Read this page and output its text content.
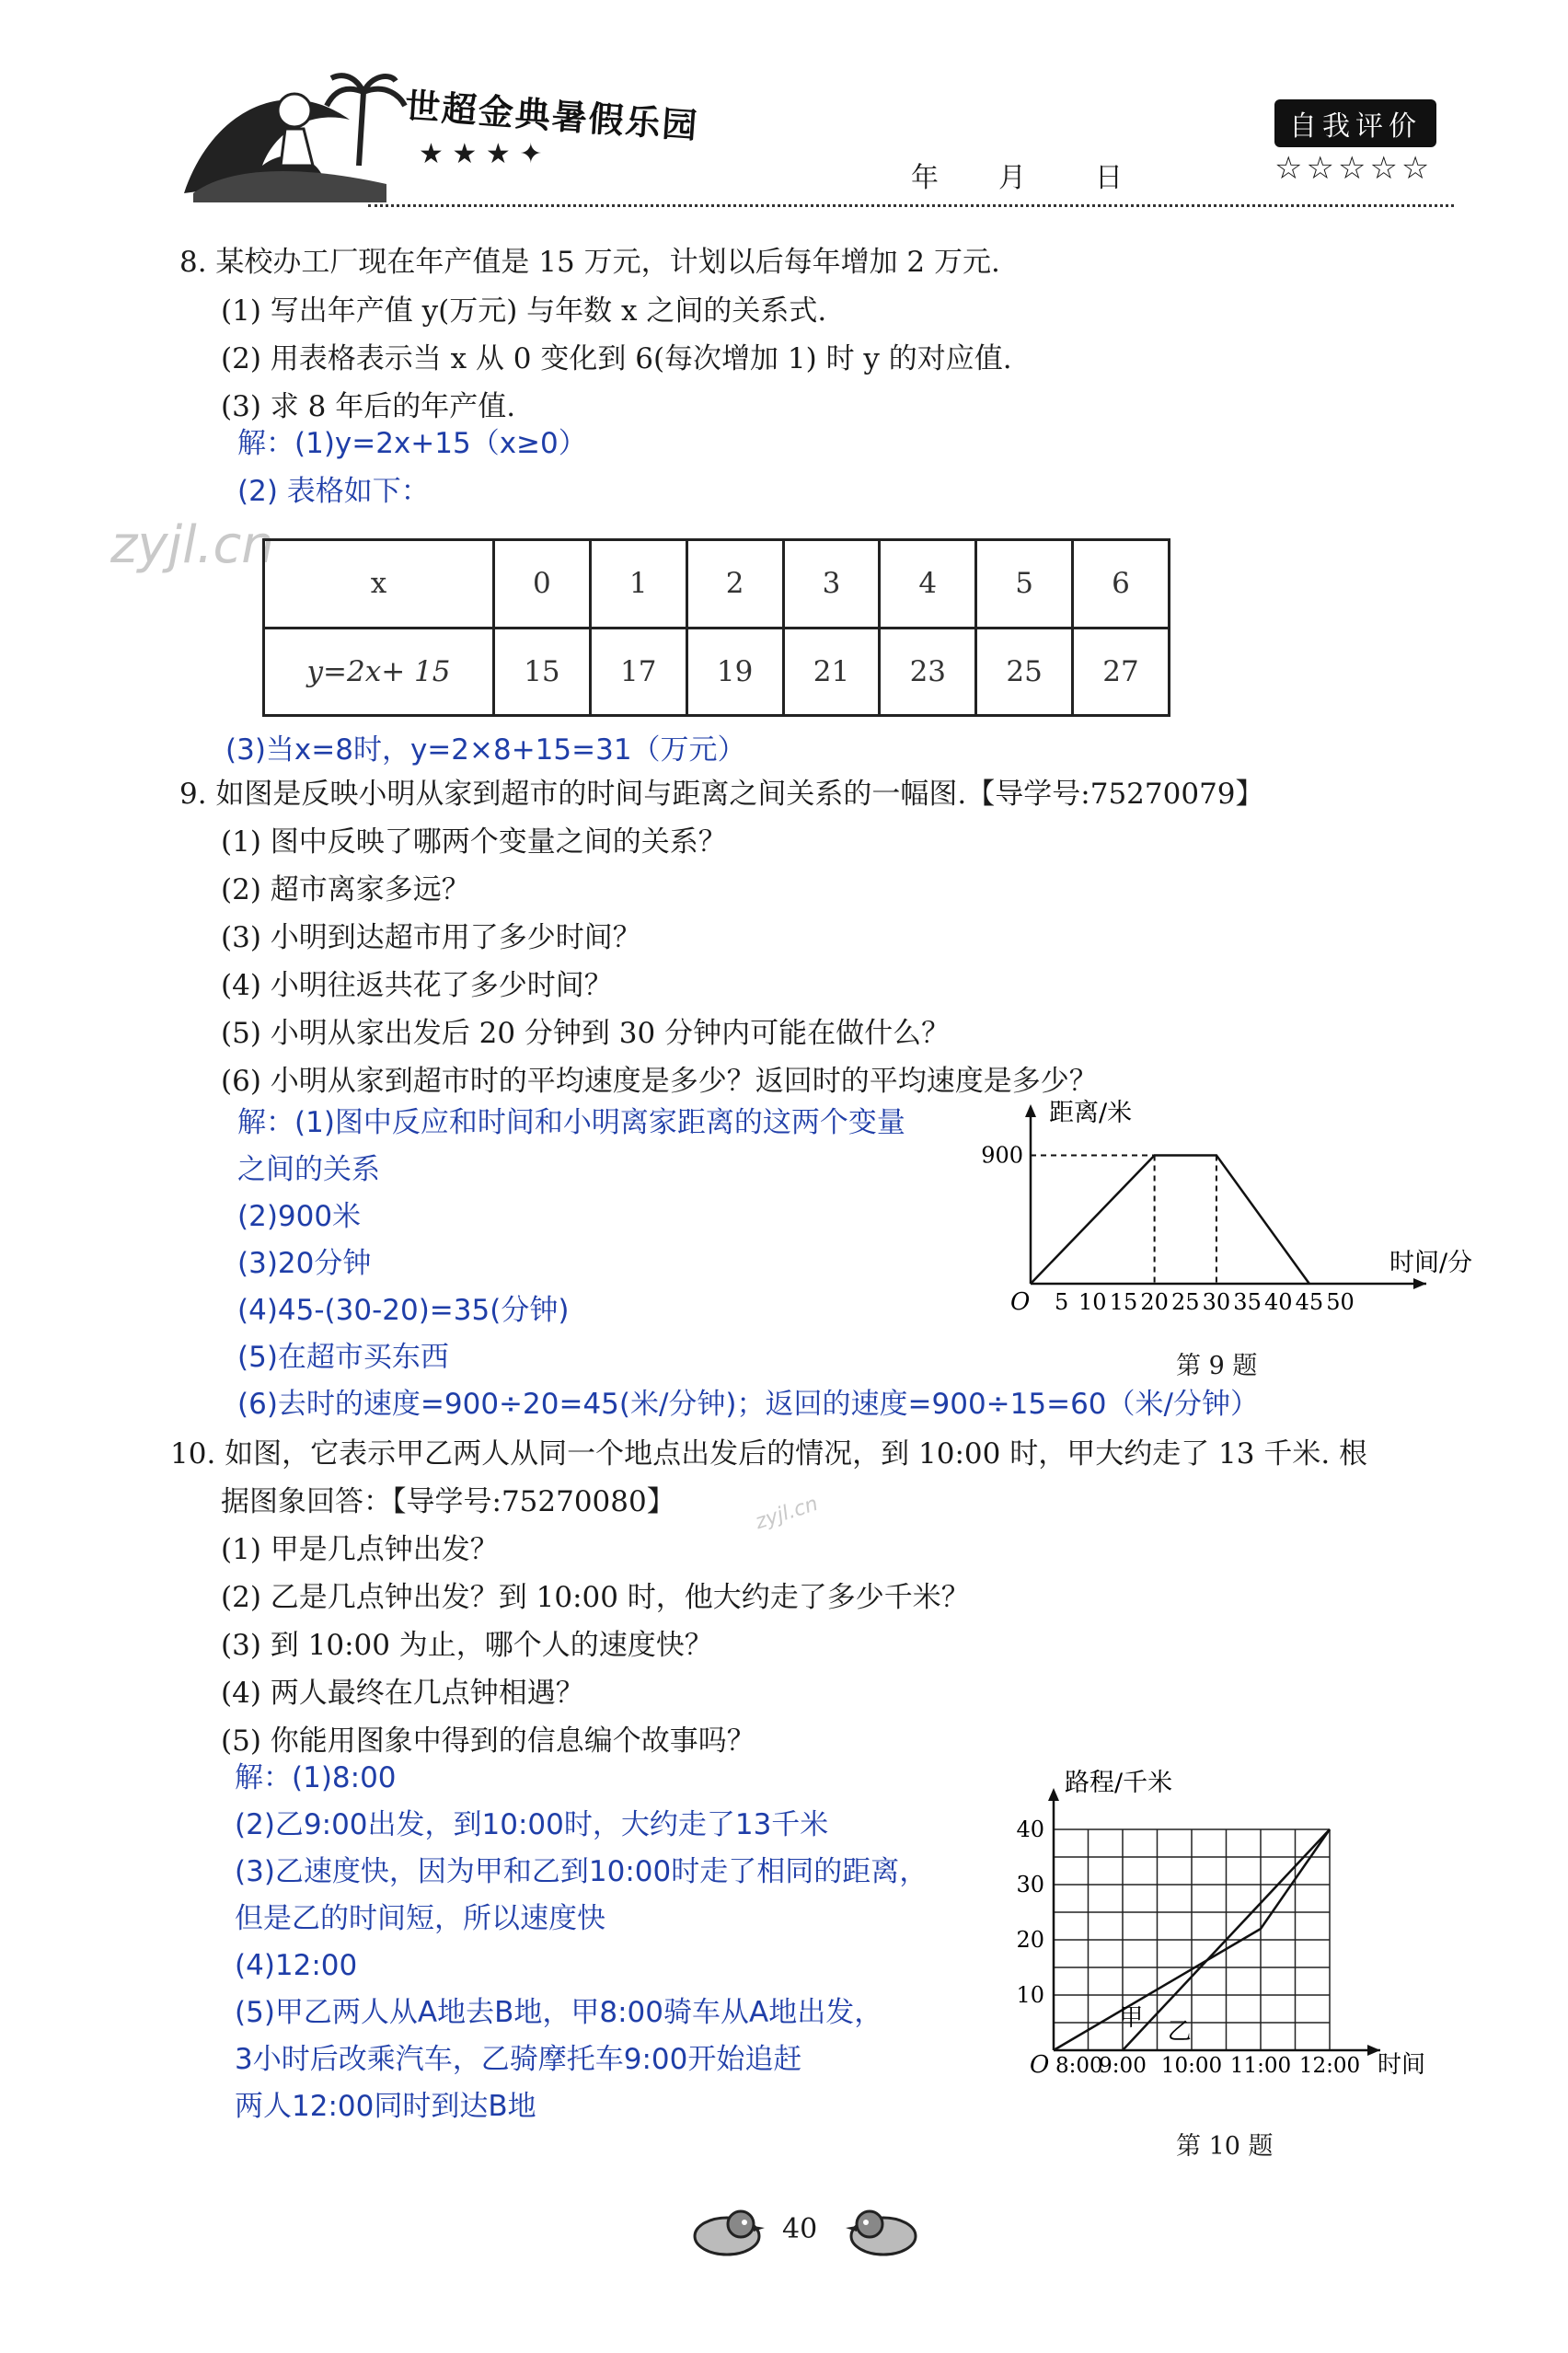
世超金典暑假乐园
★ ★ ★ ✦
年 月 日
自我评价
☆☆☆☆☆
zyjl.cn
zyjl.cn
8. 某校办工厂现在年产值是 15 万元，计划以后每年增加 2 万元.
(1) 写出年产值 y(万元) 与年数 x 之间的关系式.
(2) 用表格表示当 x 从 0 变化到 6(每次增加 1) 时 y 的对应值.
(3) 求 8 年后的年产值.
解：(1)y=2x+15（x≥0）
(2) 表格如下：
x	0	1	2	3	4	5	6
y=2x+ 15	15	17	19	21	23	25	27
(3)当x=8时，y=2×8+15=31（万元）
9. 如图是反映小明从家到超市的时间与距离之间关系的一幅图.【导学号:75270079】
(1) 图中反映了哪两个变量之间的关系？
(2) 超市离家多远？
(3) 小明到达超市用了多少时间？
(4) 小明往返共花了多少时间？
(5) 小明从家出发后 20 分钟到 30 分钟内可能在做什么？
(6) 小明从家到超市时的平均速度是多少？返回时的平均速度是多少？
解：(1)图中反应和时间和小明离家距离的这两个变量
之间的关系
(2)900米
(3)20分钟
(4)45-(30-20)=35(分钟)
(5)在超市买东西
(6)去时的速度=900÷20=45(米/分钟)；返回的速度=900÷15=60（米/分钟）
距离/米
时间/分
O 5 10 15 20 25 30 35 40 45 50
900
第 9 题
10. 如图，它表示甲乙两人从同一个地点出发后的情况，到 10:00 时，甲大约走了 13 千米. 根
据图象回答：【导学号:75270080】
(1) 甲是几点钟出发？
(2) 乙是几点钟出发？到 10:00 时，他大约走了多少千米？
(3) 到 10:00 为止，哪个人的速度快？
(4) 两人最终在几点钟相遇？
(5) 你能用图象中得到的信息编个故事吗？
解：(1)8:00
(2)乙9:00出发，到10:00时，大约走了13千米
(3)乙速度快，因为甲和乙到10:00时走了相同的距离，
但是乙的时间短，所以速度快
(4)12:00
(5)甲乙两人从A地去B地，甲8:00骑车从A地出发，
3小时后改乘汽车，乙骑摩托车9:00开始追赶
两人12:00同时到达B地
路程/千米
时间
O 8:00
9:00 10:00 11:00 12:00
10
20
30
40
甲 乙
第 10 题
40
